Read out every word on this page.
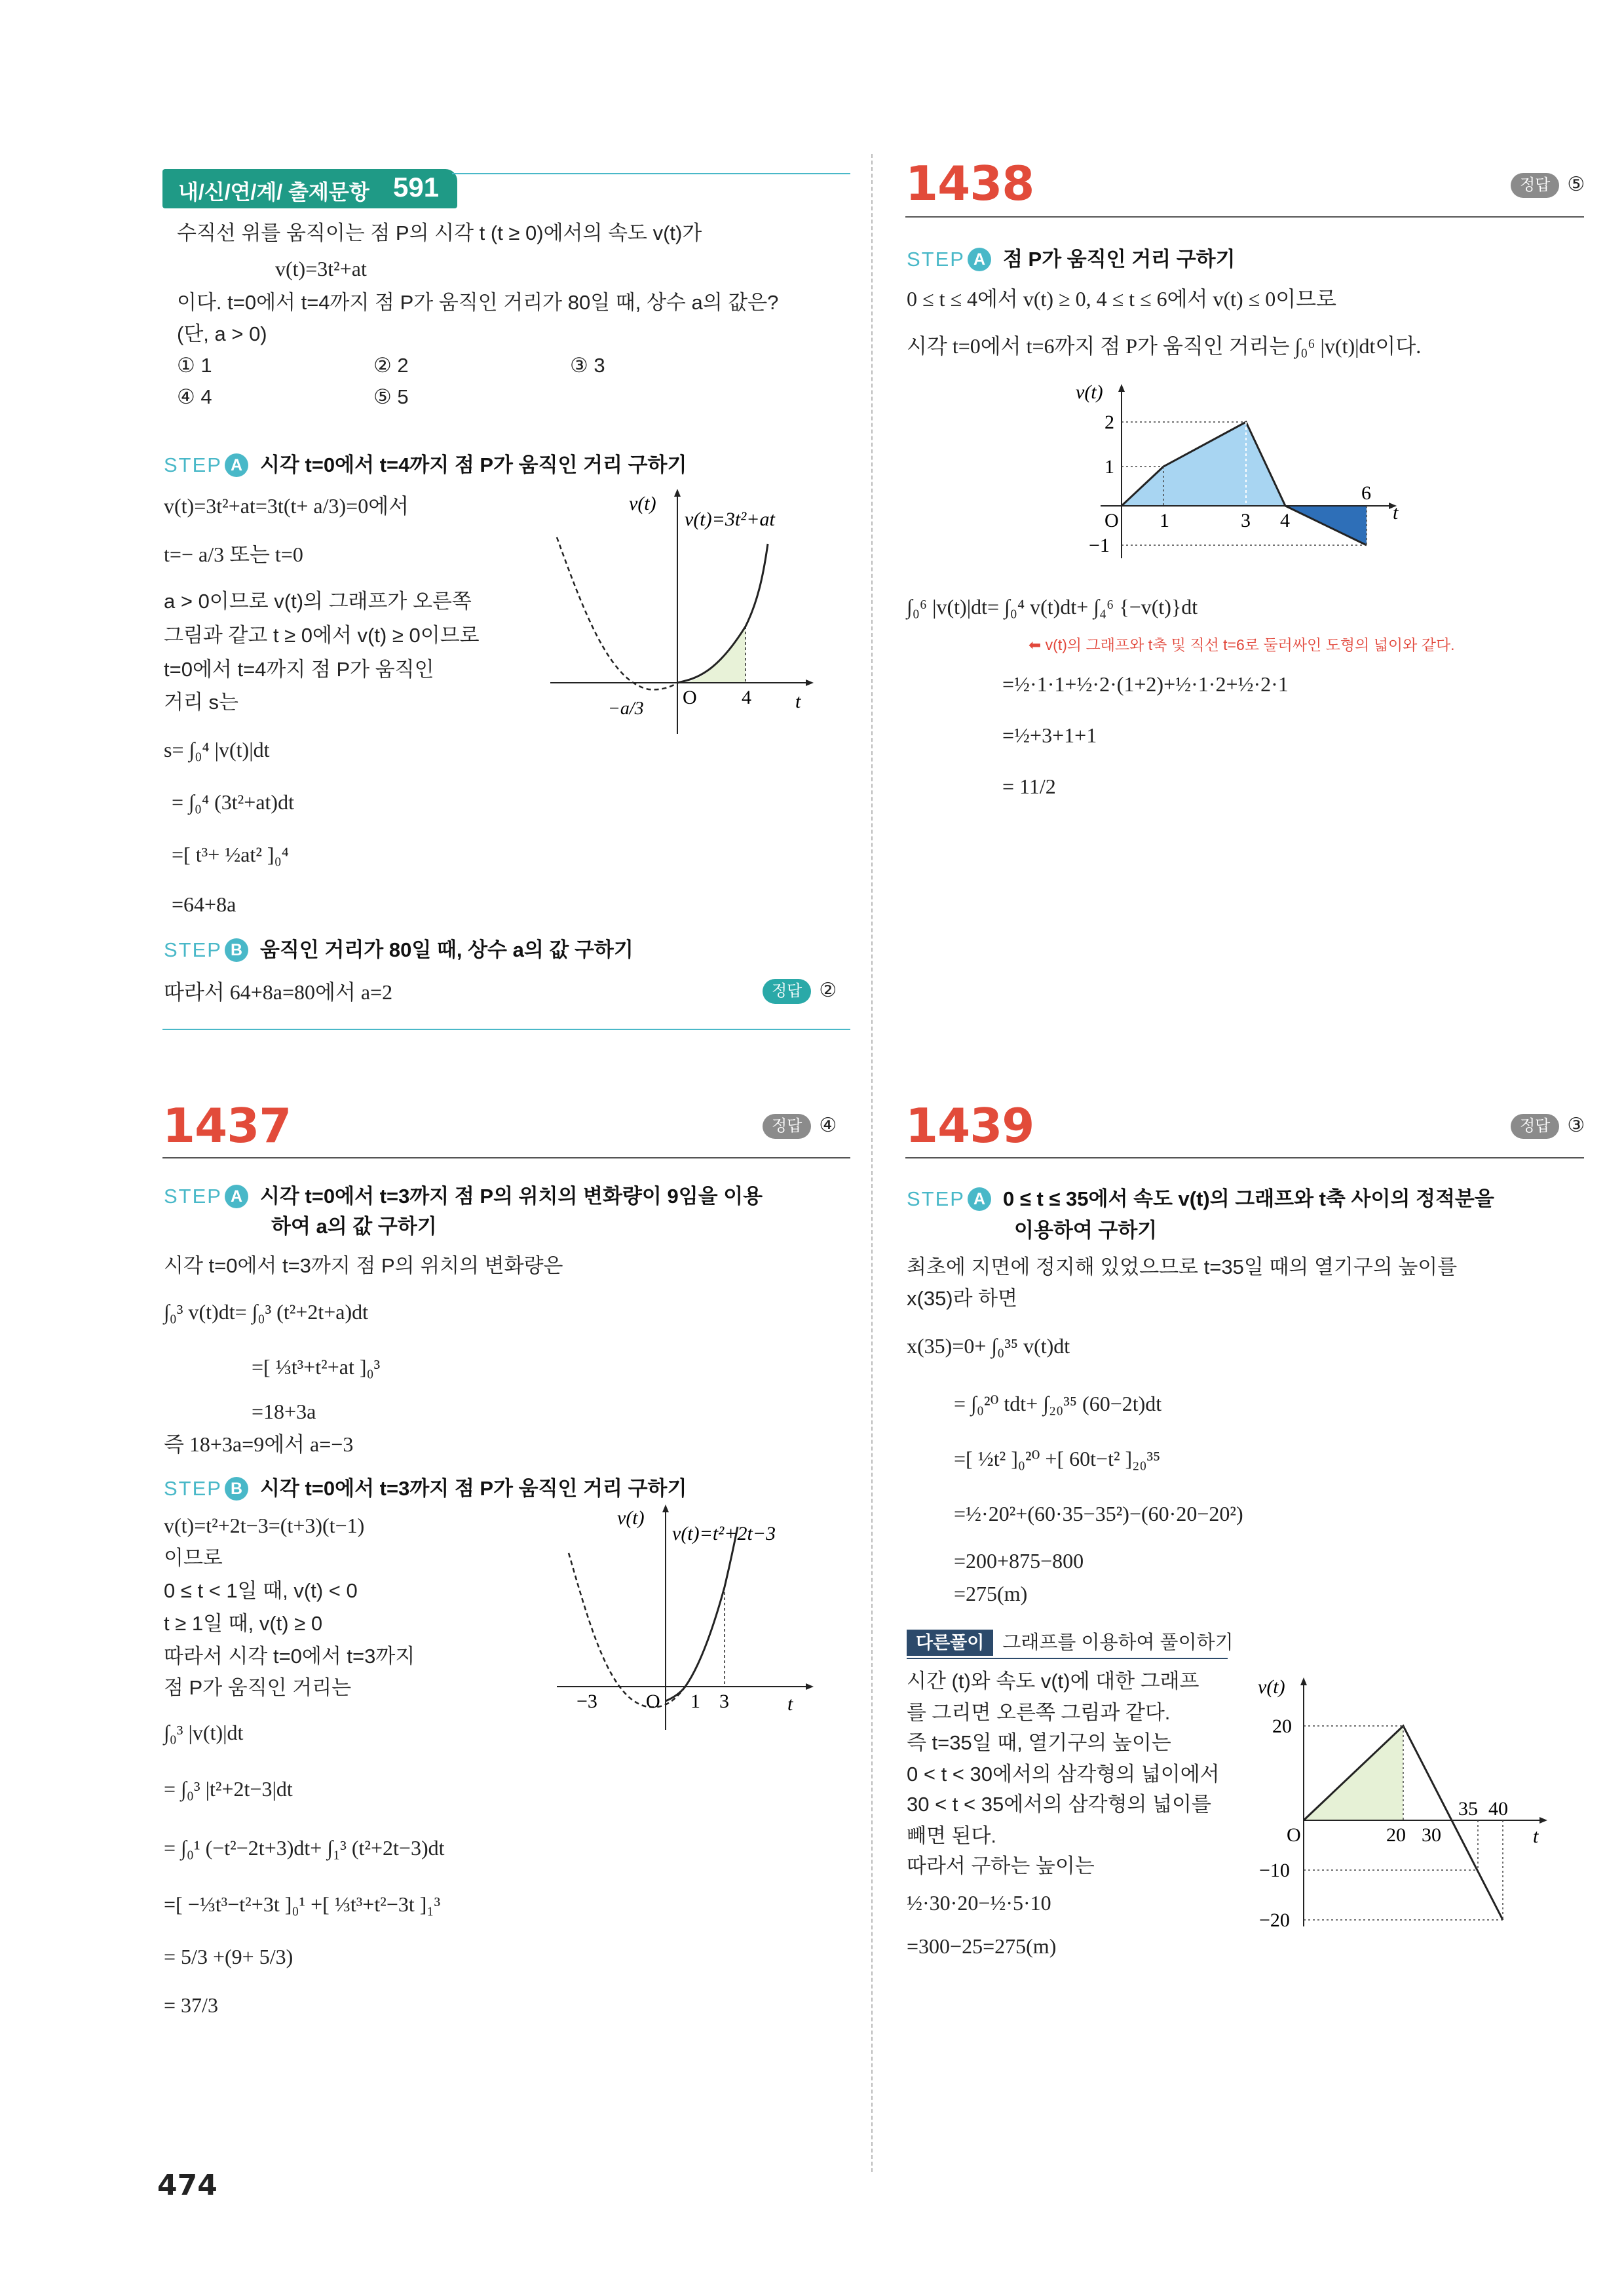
내/신/연/계/ 출제문항 591
수직선 위를 움직이는 점 P의 시각 t (t ≥ 0)에서의 속도 v(t)가
v(t)=3t²+at
이다. t=0에서 t=4까지 점 P가 움직인 거리가 80일 때, 상수 a의 값은?
(단, a > 0)
① 1	② 2	③ 3
④ 4	⑤ 5
STEP A 시각 t=0에서 t=4까지 점 P가 움직인 거리 구하기
v(t)=3t²+at=3t(t+ a/3)=0에서
t=− a/3 또는 t=0
a > 0이므로 v(t)의 그래프가 오른쪽
그림과 같고 t ≥ 0에서 v(t) ≥ 0이므로
t=0에서 t=4까지 점 P가 움직인
거리 s는
s= ∫₀⁴ |v(t)|dt
= ∫₀⁴ (3t²+at)dt
=[ t³+ ½at² ]₀⁴
=64+8a
v(t)
v(t)=3t²+at
−a/3
O 4 t
STEP B 움직인 거리가 80일 때, 상수 a의 값 구하기
따라서 64+8a=80에서 a=2	정답 ②
1437	정답 ④
STEP A 시각 t=0에서 t=3까지 점 P의 위치의 변화량이 9임을 이용
하여 a의 값 구하기
시각 t=0에서 t=3까지 점 P의 위치의 변화량은
∫₀³ v(t)dt= ∫₀³ (t²+2t+a)dt
=[ ⅓t³+t²+at ]₀³
=18+3a
즉 18+3a=9에서 a=−3
STEP B 시각 t=0에서 t=3까지 점 P가 움직인 거리 구하기
v(t)=t²+2t−3=(t+3)(t−1)
이므로
0 ≤ t < 1일 때, v(t) < 0
t ≥ 1일 때, v(t) ≥ 0
따라서 시각 t=0에서 t=3까지
점 P가 움직인 거리는
∫₀³ |v(t)|dt
= ∫₀³ |t²+2t−3|dt
= ∫₀¹ (−t²−2t+3)dt+ ∫₁³ (t²+2t−3)dt
=[ −⅓t³−t²+3t ]₀¹ +[ ⅓t³+t²−3t ]₁³
= 5/3 +(9+ 5/3)
= 37/3
v(t)
v(t)=t²+2t−3
−3 O 1 3	t
1438	정답 ⑤
STEP A 점 P가 움직인 거리 구하기
0 ≤ t ≤ 4에서 v(t) ≥ 0, 4 ≤ t ≤ 6에서 v(t) ≤ 0이므로
시각 t=0에서 t=6까지 점 P가 움직인 거리는 ∫₀⁶ |v(t)|dt이다.
v(t)
2
1
−1
O 1	3 4
6
t
∫₀⁶ |v(t)|dt= ∫₀⁴ v(t)dt+ ∫₄⁶ {−v(t)}dt
⬅ v(t)의 그래프와 t축 및 직선 t=6로 둘러싸인 도형의 넓이와 같다.
=½·1·1+½·2·(1+2)+½·1·2+½·2·1
=½+3+1+1
= 11/2
1439	정답 ③
STEP A 0 ≤ t ≤ 35에서 속도 v(t)의 그래프와 t축 사이의 정적분을
이용하여 구하기
최초에 지면에 정지해 있었으므로 t=35일 때의 열기구의 높이를
x(35)라 하면
x(35)=0+ ∫₀³⁵ v(t)dt
= ∫₀²⁰ tdt+ ∫₂₀³⁵ (60−2t)dt
=[ ½t² ]₀²⁰ +[ 60t−t² ]₂₀³⁵
=½·20²+(60·35−35²)−(60·20−20²)
=200+875−800
=275(m)
다른풀이 그래프를 이용하여 풀이하기
시간 (t)와 속도 v(t)에 대한 그래프
를 그리면 오른쪽 그림과 같다.
즉 t=35일 때, 열기구의 높이는
0 < t < 30에서의 삼각형의 넓이에서
30 < t < 35에서의 삼각형의 넓이를
빼면 된다.
따라서 구하는 높이는
½·30·20−½·5·10
=300−25=275(m)
v(t)
20
O
−10
−20
20 30
35 40
t
474
